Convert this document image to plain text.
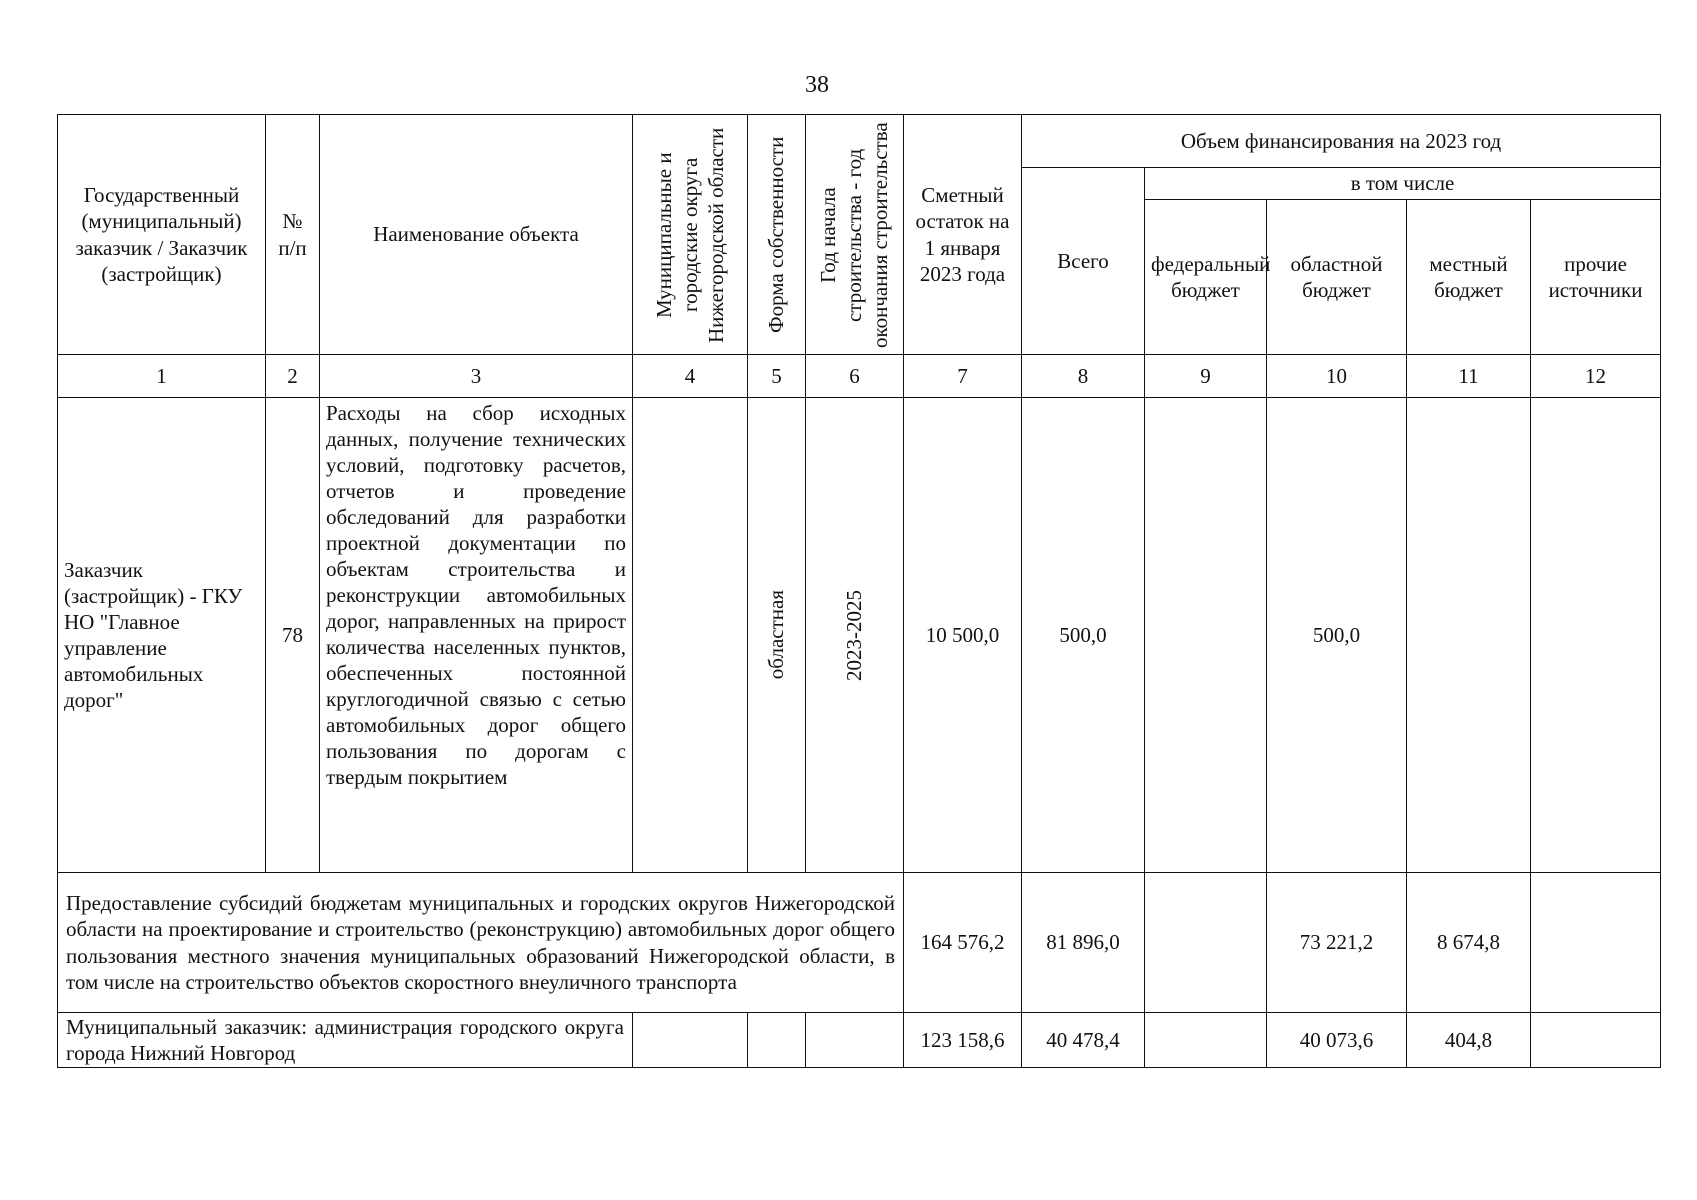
38
Государственный (муниципальный) заказчик / Заказчик (застройщик)	№ п/п	Наименование объекта	Муниципальные и городские округа Нижегородской области	Форма собственности	Год начала строительства - год окончания строительства	Сметный остаток на 1 января 2023 года	Объем финансирования на 2023 год				
							Всего	в том числе			
								федеральный бюджет	областной бюджет	местный бюджет	прочие источники
1	2	3	4	5	6	7	8	9	10	11	12
Заказчик (застройщик) - ГКУ НО "Главное управление автомобильных дорог"	78	Расходы на сбор исходных данных, получение технических условий, подготовку расчетов, отчетов и проведение обследований для разработки проектной документации по объектам строительства и реконструкции автомобильных дорог, направленных на прирост количества населенных пунктов, обеспеченных постоянной круглогодичной связью с сетью автомобильных дорог общего пользования по дорогам с твердым покрытием		областная	2023-2025	10 500,0	500,0		500,0		
Предоставление субсидий бюджетам муниципальных и городских округов Нижегородской области на проектирование и строительство (реконструкцию) автомобильных дорог общего пользования местного значения муниципальных образований Нижегородской области, в том числе на строительство объектов скоростного внеуличного транспорта						164 576,2	81 896,0		73 221,2	8 674,8	
Муниципальный заказчик: администрация городского округа города Нижний Новгород						123 158,6	40 478,4		40 073,6	404,8	
